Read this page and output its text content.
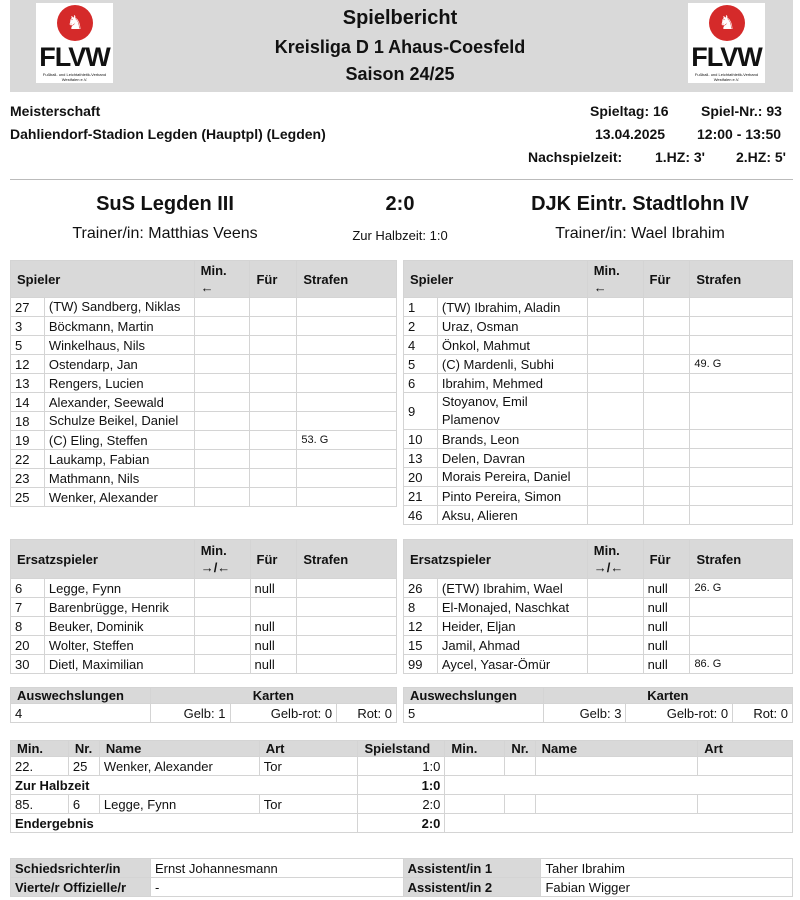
♞
FLVW
Fußball- und Leichtathletik-Verband Westfalen e.V.
♞
FLVW
Fußball- und Leichtathletik-Verband Westfalen e.V.
Spielbericht
Kreisliga D 1 Ahaus-Coesfeld
Saison 24/25
Meisterschaft
Dahliendorf-Stadion Legden (Hauptpl) (Legden)
Spieltag: 16 Spiel-Nr.: 93
13.04.2025 12:00 - 13:50
Nachspielzeit: 1.HZ: 3' 2.HZ: 5'
SuS Legden III	2:0	DJK Eintr. Stadtlohn IV
Trainer/in: Matthias Veens	Zur Halbzeit: 1:0	Trainer/in: Wael Ibrahim
Spieler		Min.
←	Für	Strafen
27	(TW) Sandberg, Niklas			
3	Böckmann, Martin			
5	Winkelhaus, Nils			
12	Ostendarp, Jan			
13	Rengers, Lucien			
14	Alexander, Seewald			
18	Schulze Beikel, Daniel			
19	(C) Eling, Steffen			53. G
22	Laukamp, Fabian			
23	Mathmann, Nils			
25	Wenker, Alexander			
Spieler		Min.
←	Für	Strafen
1	(TW) Ibrahim, Aladin			
2	Uraz, Osman			
4	Önkol, Mahmut			
5	(C) Mardenli, Subhi			49. G
6	Ibrahim, Mehmed			
9	Stoyanov, Emil Plamenov			
10	Brands, Leon			
13	Delen, Davran			
20	Morais Pereira, Daniel			
21	Pinto Pereira, Simon			
46	Aksu, Alieren			
Ersatzspieler		Min.
→/←	Für	Strafen
6	Legge, Fynn		null	
7	Barenbrügge, Henrik			
8	Beuker, Dominik		null	
20	Wolter, Steffen		null	
30	Dietl, Maximilian		null	
Ersatzspieler		Min.
→/←	Für	Strafen
26	(ETW) Ibrahim, Wael		null	26. G
8	El-Monajed, Naschkat		null	
12	Heider, Eljan		null	
15	Jamil, Ahmad		null	
99	Aycel, Yasar-Ömür		null	86. G
Auswechslungen	Karten		
4	Gelb: 1	Gelb-rot: 0	Rot: 0
Auswechslungen	Karten		
5	Gelb: 3	Gelb-rot: 0	Rot: 0
Min.	Nr.	Name	Art	Spielstand	Min.	Nr.	Name	Art
22.	25	Wenker, Alexander	Tor	1:0				
Zur Halbzeit				1:0				
85.	6	Legge, Fynn	Tor	2:0				
Endergebnis				2:0				
Schiedsrichter/in	Ernst Johannesmann	Assistent/in 1	Taher Ibrahim
Vierte/r Offizielle/r	-	Assistent/in 2	Fabian Wigger
